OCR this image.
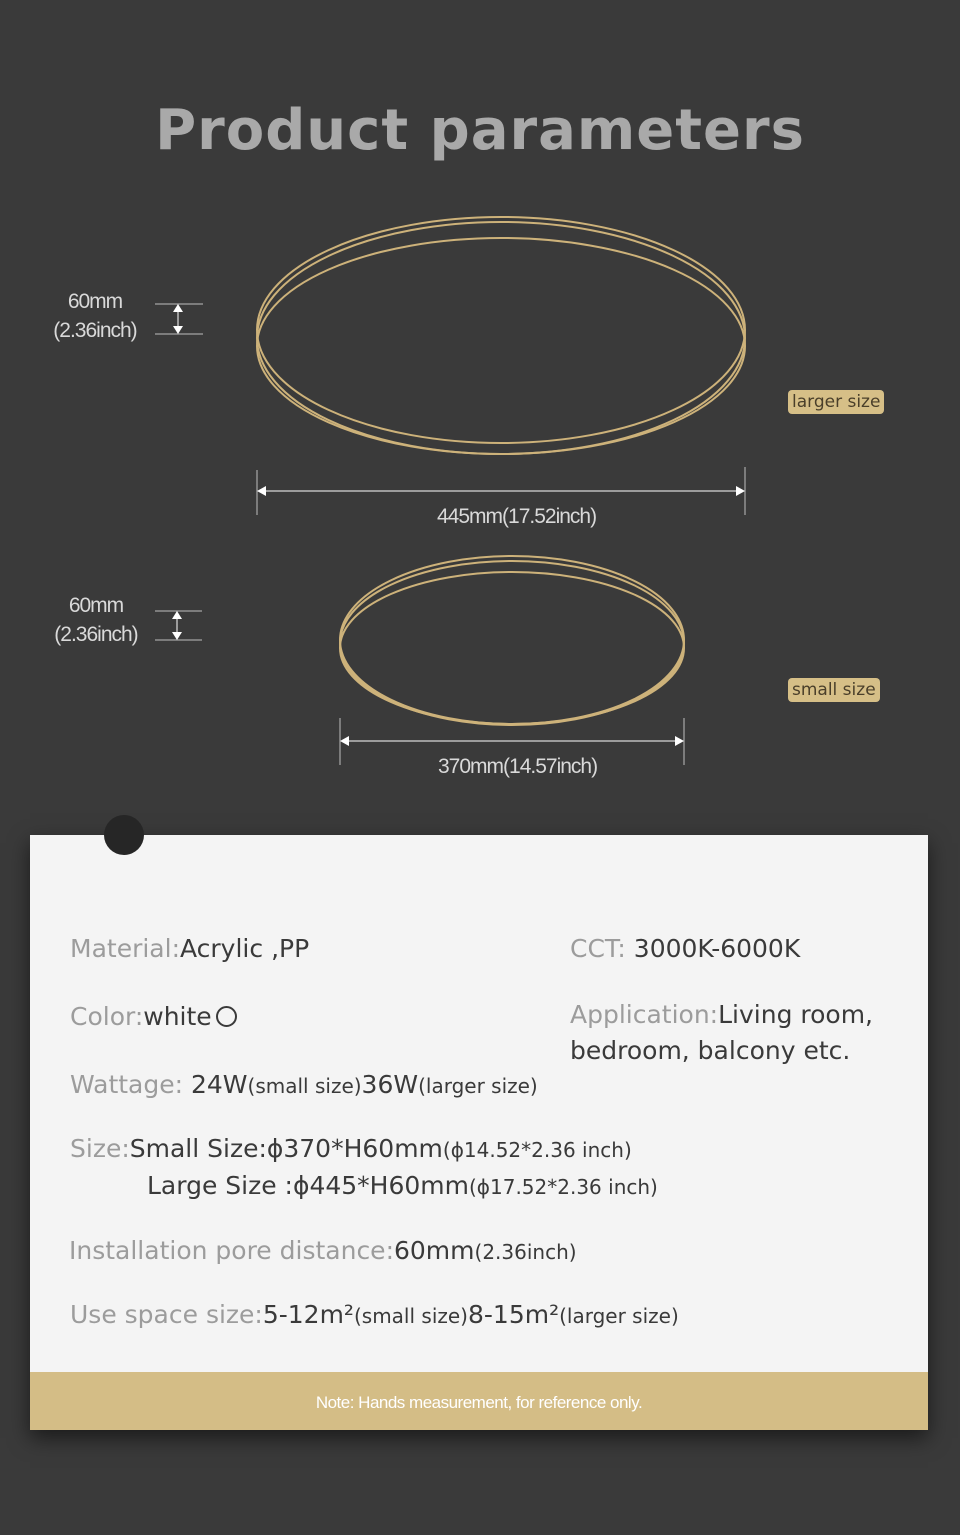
Product parameters
60mm
(2.36inch)
445mm(17.52inch)
larger size
60mm
(2.36inch)
370mm(14.57inch)
small size
Material:Acrylic ,PP	CCT: 3000K-6000K
Color:white	Application:Living room,
bedroom, balcony etc.
Wattage: 24W(small size)36W(larger size)
Size:Small Size:ϕ370*H60mm(ϕ14.52*2.36 inch)
Large Size :ϕ445*H60mm(ϕ17.52*2.36 inch)
Installation pore distance:60mm(2.36inch)
Use space size:5-12m²(small size)8-15m²(larger size)
Note: Hands measurement, for reference only.
